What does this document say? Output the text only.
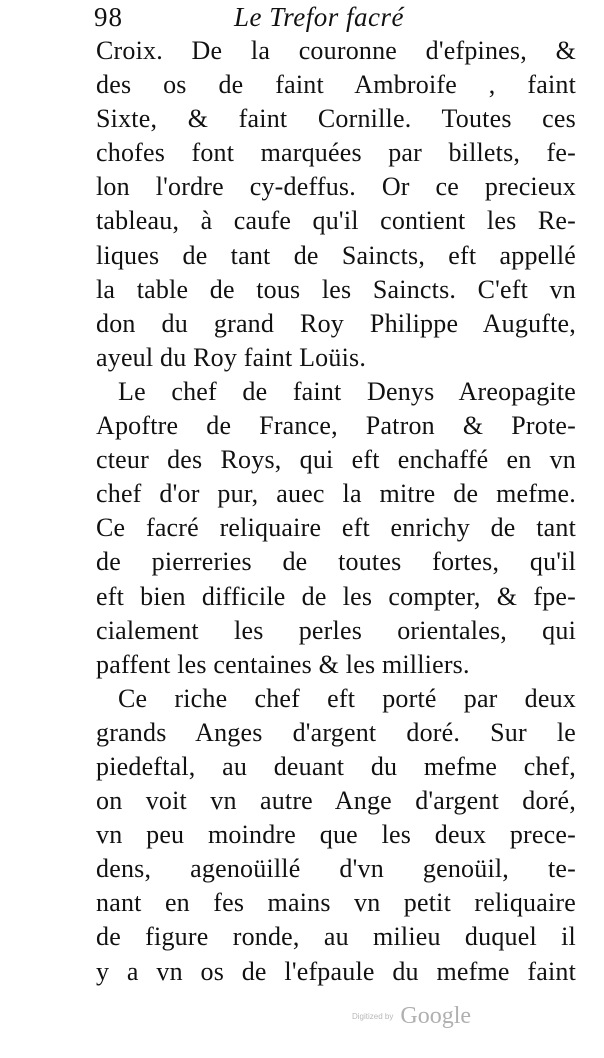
98	Le Trefor facré
Croix. De la couronne d'efpines, &
des os de faint Ambroife , faint
Sixte, & faint Cornille. Toutes ces
chofes font marquées par billets, fe-
lon l'ordre cy-deffus. Or ce precieux
tableau, à caufe qu'il contient les Re-
liques de tant de Saincts, eft appellé
la table de tous les Saincts. C'eft vn
don du grand Roy Philippe Augufte,
ayeul du Roy faint Loüis.
Le chef de faint Denys Areopagite
Apoftre de France, Patron & Prote-
cteur des Roys, qui eft enchaffé en vn
chef d'or pur, auec la mitre de mefme.
Ce facré reliquaire eft enrichy de tant
de pierreries de toutes fortes, qu'il
eft bien difficile de les compter, & fpe-
cialement les perles orientales, qui
paffent les centaines & les milliers.
Ce riche chef eft porté par deux
grands Anges d'argent doré. Sur le
piedeftal, au deuant du mefme chef,
on voit vn autre Ange d'argent doré,
vn peu moindre que les deux prece-
dens, agenoüillé d'vn genoüil, te-
nant en fes mains vn petit reliquaire
de figure ronde, au milieu duquel il
y a vn os de l'efpaule du mefme faint
Digitized by Google
